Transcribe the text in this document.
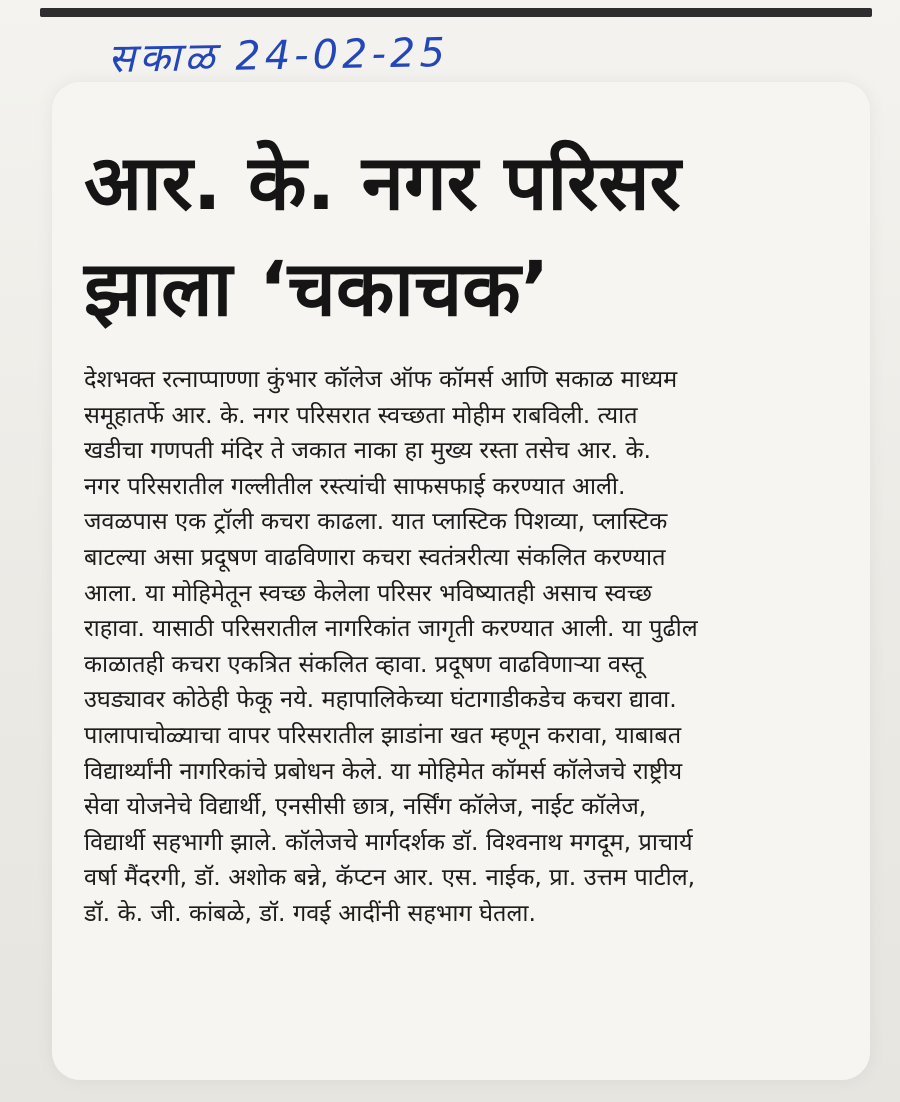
सकाळ 24-02-25
आर. के. नगर परिसर
झाला ‘चकाचक’
देशभक्त रत्नाप्पाण्णा कुंभार कॉलेज ऑफ कॉमर्स आणि सकाळ माध्यम
समूहातर्फे आर. के. नगर परिसरात स्वच्छता मोहीम राबविली. त्यात
खडीचा गणपती मंदिर ते जकात नाका हा मुख्य रस्ता तसेच आर. के.
नगर परिसरातील गल्लीतील रस्त्यांची साफसफाई करण्यात आली.
जवळपास एक ट्रॉली कचरा काढला. यात प्लास्टिक पिशव्या, प्लास्टिक
बाटल्या असा प्रदूषण वाढविणारा कचरा स्वतंत्ररीत्या संकलित करण्यात
आला. या मोहिमेतून स्वच्छ केलेला परिसर भविष्यातही असाच स्वच्छ
राहावा. यासाठी परिसरातील नागरिकांत जागृती करण्यात आली. या पुढील
काळातही कचरा एकत्रित संकलित व्हावा. प्रदूषण वाढविणाऱ्या वस्तू
उघड्यावर कोठेही फेकू नये. महापालिकेच्या घंटागाडीकडेच कचरा द्यावा.
पालापाचोळ्याचा वापर परिसरातील झाडांना खत म्हणून करावा, याबाबत
विद्यार्थ्यांनी नागरिकांचे प्रबोधन केले. या मोहिमेत कॉमर्स कॉलेजचे राष्ट्रीय
सेवा योजनेचे विद्यार्थी, एनसीसी छात्र, नर्सिंग कॉलेज, नाईट कॉलेज,
विद्यार्थी सहभागी झाले. कॉलेजचे मार्गदर्शक डॉ. विश्वनाथ मगदूम, प्राचार्य
वर्षा मैंदरगी, डॉ. अशोक बन्ने, कॅप्टन आर. एस. नाईक, प्रा. उत्तम पाटील,
डॉ. के. जी. कांबळे, डॉ. गवई आदींनी सहभाग घेतला.
